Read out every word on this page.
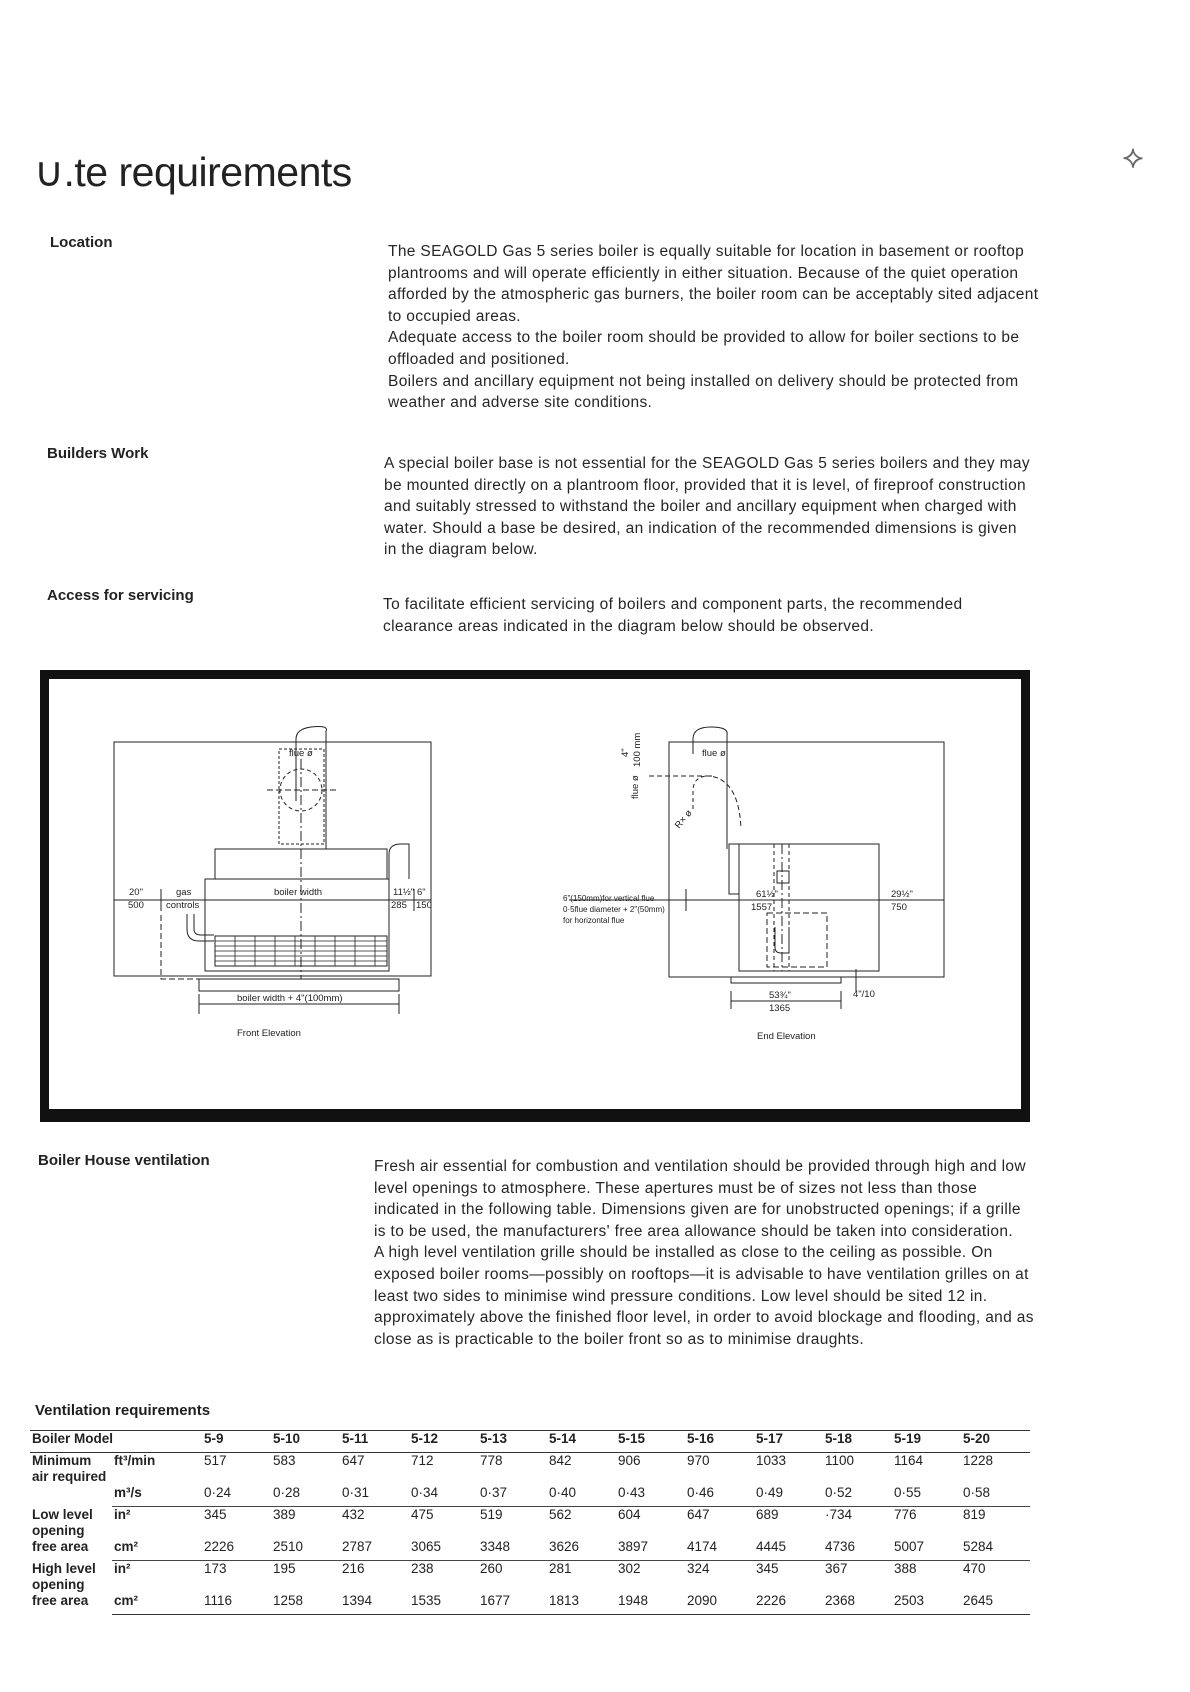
∪.te requirements
Location
Builders Work
Access for servicing
Boiler House ventilation

The SEAGOLD Gas 5 series boiler is equally suitable for location in basement or rooftop plantrooms and will operate efficiently in either situation. Because of the quiet operation afforded by the atmospheric gas burners, the boiler room can be acceptably sited adjacent to occupied areas.

Adequate access to the boiler room should be provided to allow for boiler sections to be offloaded and positioned.

Boilers and ancillary equipment not being installed on delivery should be protected from weather and adverse site conditions.

A special boiler base is not essential for the SEAGOLD Gas 5 series boilers and they may be mounted directly on a plantroom floor, provided that it is level, of fireproof construction and suitably stressed to withstand the boiler and ancillary equipment when charged with water. Should a base be desired, an indication of the recommended dimensions is given in the diagram below.

To facilitate efficient servicing of boilers and component parts, the recommended clearance areas indicated in the diagram below should be observed.

Fresh air essential for combustion and ventilation should be provided through high and low level openings to atmosphere. These apertures must be of sizes not less than those indicated in the following table. Dimensions given are for unobstructed openings; if a grille is to be used, the manufacturers' free area allowance should be taken into consideration.

A high level ventilation grille should be installed as close to the ceiling as possible. On exposed boiler rooms—possibly on rooftops—it is advisable to have ventilation grilles on at least two sides to minimise wind pressure conditions. Low level should be sited 12 in. approximately above the finished floor level, in order to avoid blockage and flooding, and as close as is practicable to the boiler front so as to minimise draughts.

⯎
flue ø
20"
500
gas
controls
boiler width	11½"
285
6"
150
boiler width + 4"(100mm)
Front Elevation
flue ø
flue ø
4" 100 mm
R× ø
6"(150mm)for vertical flue
0·5flue diameter + 2"(50mm)
for horizontal flue
61½"
1557
29½"
750
53¾"
1365
4"/10
End Elevation
Ventilation requirements
Boiler Model		5-9	5-10	5-11	5-12	5-13	5-14	5-15	5-16	5-17	5-18	5-19	5-20
Minimum air required	ft³/min	517	583	647	712	778	842	906	970	1033	1100	1164	1228
	m³/s	0·24	0·28	0·31	0·34	0·37	0·40	0·43	0·46	0·49	0·52	0·55	0·58
Low level opening free area	in²	345	389	432	475	519	562	604	647	689	·734	776	819
	cm²	2226	2510	2787	3065	3348	3626	3897	4174	4445	4736	5007	5284
High level opening free area	in²	173	195	216	238	260	281	302	324	345	367	388	470
	cm²	1116	1258	1394	1535	1677	1813	1948	2090	2226	2368	2503	2645
